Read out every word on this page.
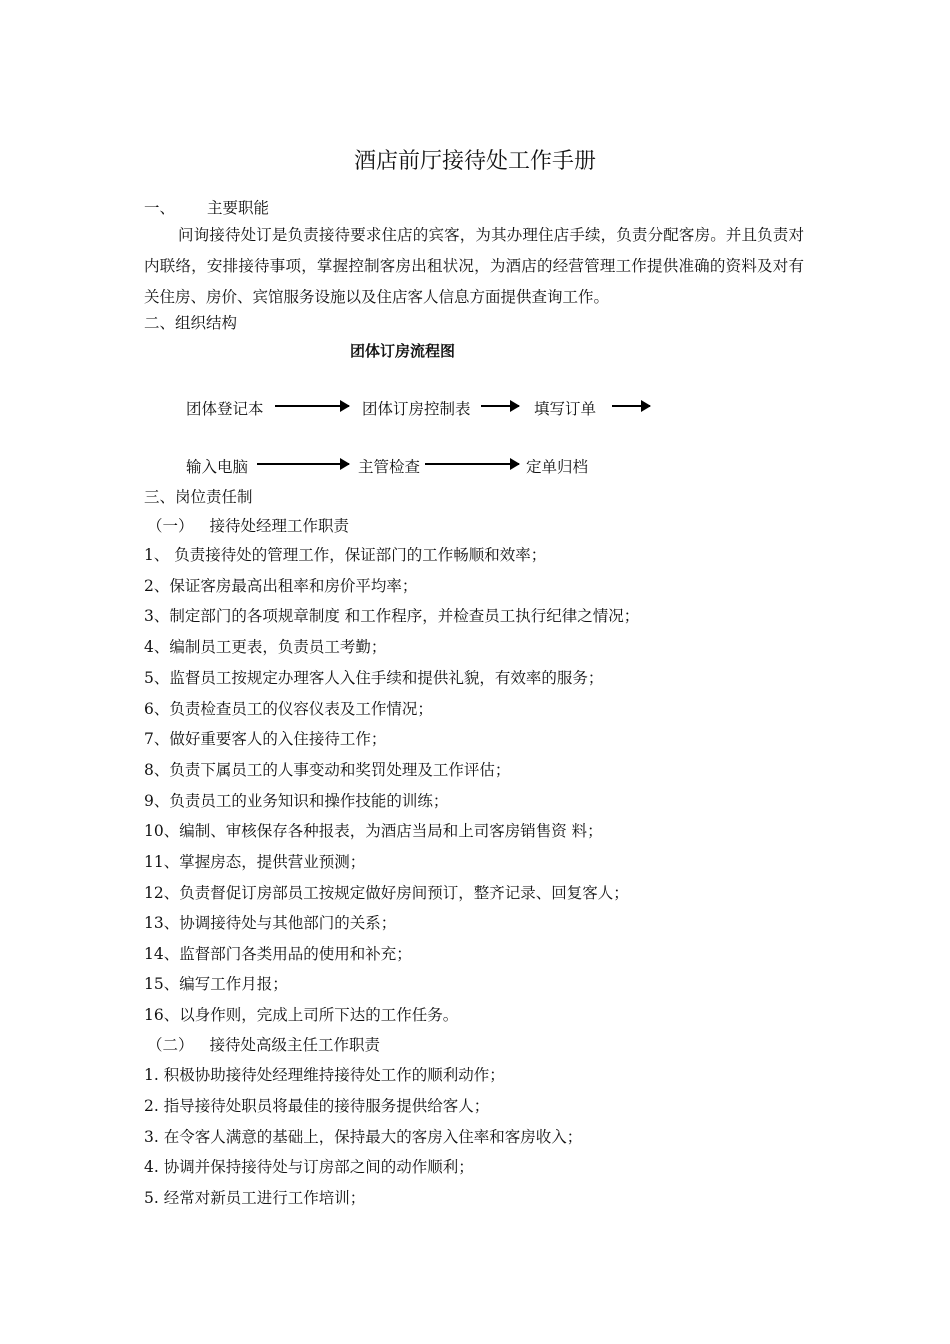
酒店前厅接待处工作手册
一、 主要职能
问询接待处订是负责接待要求住店的宾客，为其办理住店手续，负责分配客房。并且负责对内联络，安排接待事项，掌握控制客房出租状况，为酒店的经营管理工作提供准确的资料及对有关住房、房价、宾馆服务设施以及住店客人信息方面提供查询工作。
二、组织结构
团体订房流程图
团体登记本	团体订房控制表	填写订单
输入电脑	主管检查	定单归档
三、岗位责任制
（一） 接待处经理工作职责
1、 负责接待处的管理工作，保证部门的工作畅顺和效率；
2、保证客房最高出租率和房价平均率；
3、制定部门的各项规章制度 和工作程序，并检查员工执行纪律之情况；
4、编制员工更表，负责员工考勤；
5、监督员工按规定办理客人入住手续和提供礼貌，有效率的服务；
6、负责检查员工的仪容仪表及工作情况；
7、做好重要客人的入住接待工作；
8、负责下属员工的人事变动和奖罚处理及工作评估；
9、负责员工的业务知识和操作技能的训练；
10、编制、审核保存各种报表，为酒店当局和上司客房销售资 料；
11、掌握房态，提供营业预测；
12、负责督促订房部员工按规定做好房间预订，整齐记录、回复客人；
13、协调接待处与其他部门的关系；
14、监督部门各类用品的使用和补充；
15、编写工作月报；
16、以身作则，完成上司所下达的工作任务。
（二） 接待处高级主任工作职责
1. 积极协助接待处经理维持接待处工作的顺利动作；
2. 指导接待处职员将最佳的接待服务提供给客人；
3. 在令客人满意的基础上，保持最大的客房入住率和客房收入；
4. 协调并保持接待处与订房部之间的动作顺利；
5. 经常对新员工进行工作培训；
